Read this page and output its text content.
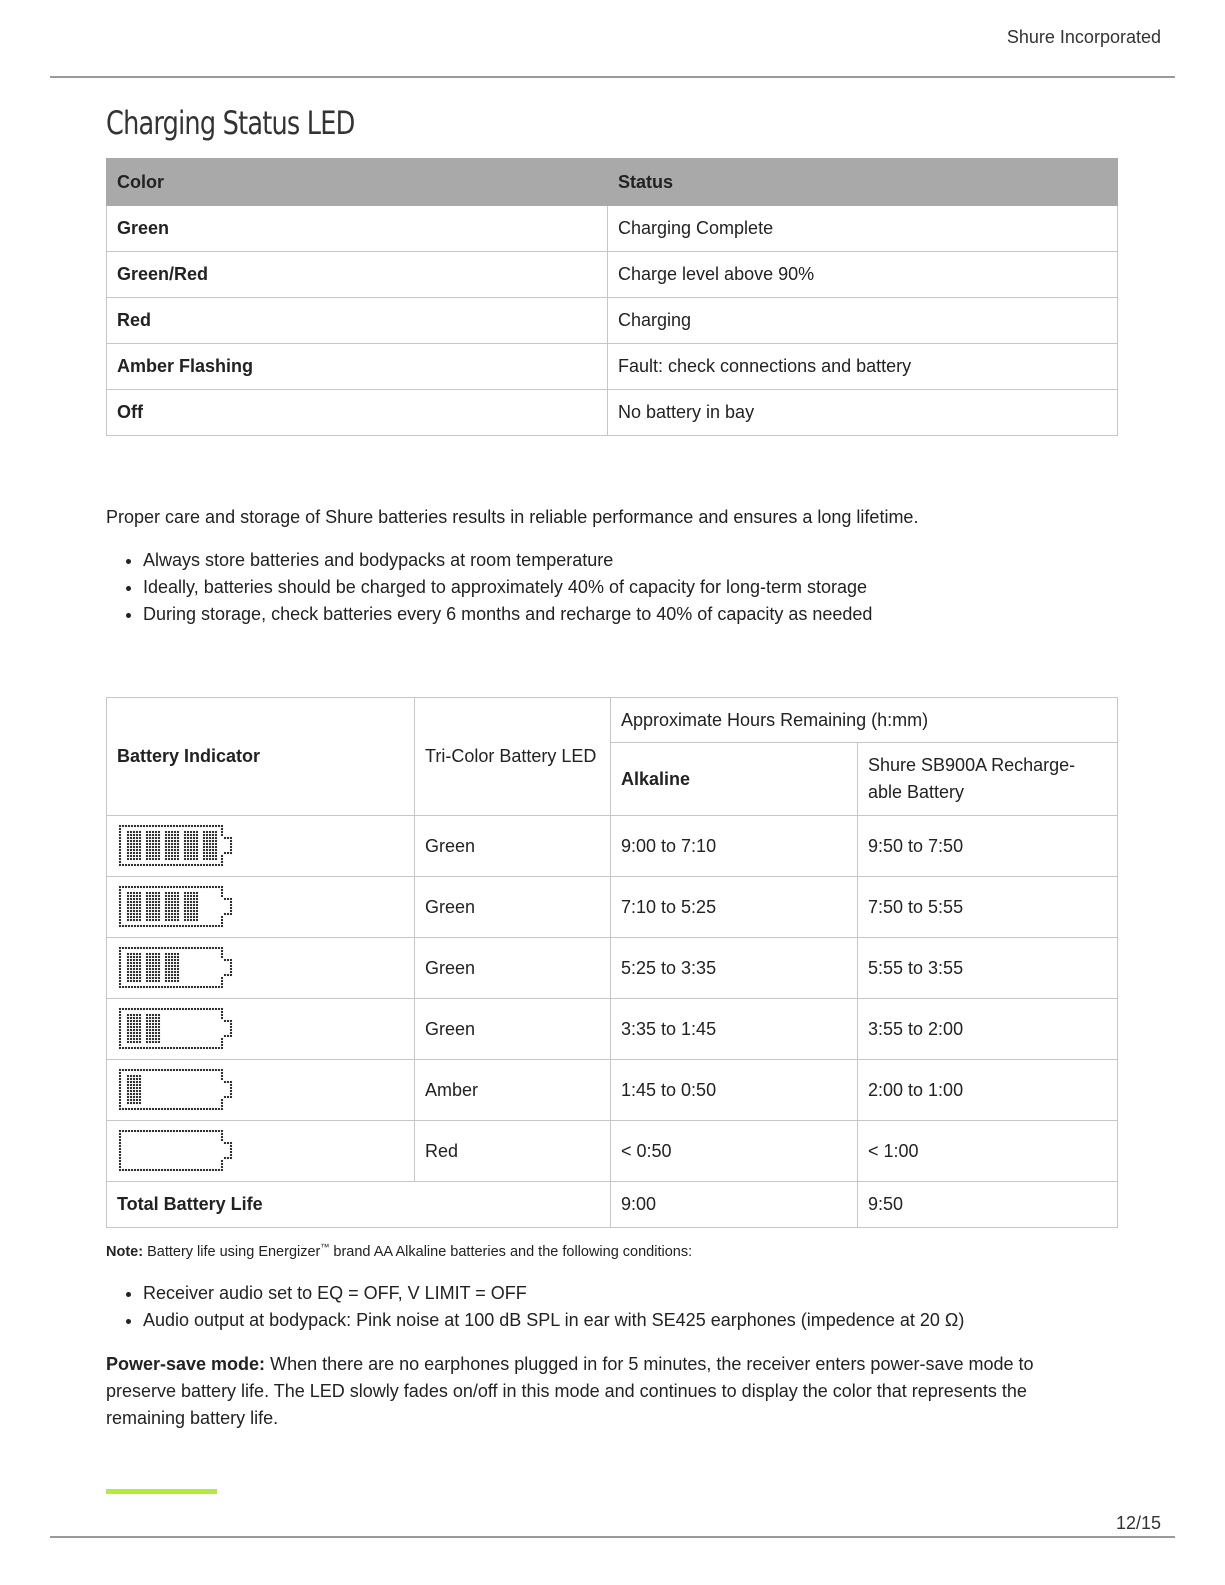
Shure Incorporated
Charging Status LED
Color	Status
Green	Charging Complete
Green/Red	Charge level above 90%
Red	Charging
Amber Flashing	Fault: check connections and battery
Off	No battery in bay

Proper care and storage of Shure batteries results in reliable performance and ensures a long lifetime.

• Always store batteries and bodypacks at room temperature
• Ideally, batteries should be charged to approximately 40% of capacity for long-term storage
• During storage, check batteries every 6 months and recharge to 40% of capacity as needed
Battery Indicator	Tri-Color Battery LED	Approximate Hours Remaining (h:mm)	
		Alkaline	Shure SB900A Recharge-
able Battery

	Green	9:00 to 7:10	9:50 to 7:50

	Green	7:10 to 5:25	7:50 to 5:55

	Green	5:25 to 3:35	5:55 to 3:55

	Green	3:35 to 1:45	3:55 to 2:00

	Amber	1:45 to 0:50	2:00 to 1:00

	Red	< 0:50	< 1:00
Total Battery Life		9:00	9:50

Note: Battery life using Energizer™ brand AA Alkaline batteries and the following conditions:

• Receiver audio set to EQ = OFF, V LIMIT = OFF
• Audio output at bodypack: Pink noise at 100 dB SPL in ear with SE425 earphones (impedence at 20 Ω)

Power-save mode: When there are no earphones plugged in for 5 minutes, the receiver enters power-save mode to preserve battery life. The LED slowly fades on/off in this mode and continues to display the color that represents the remaining battery life.

12/15
